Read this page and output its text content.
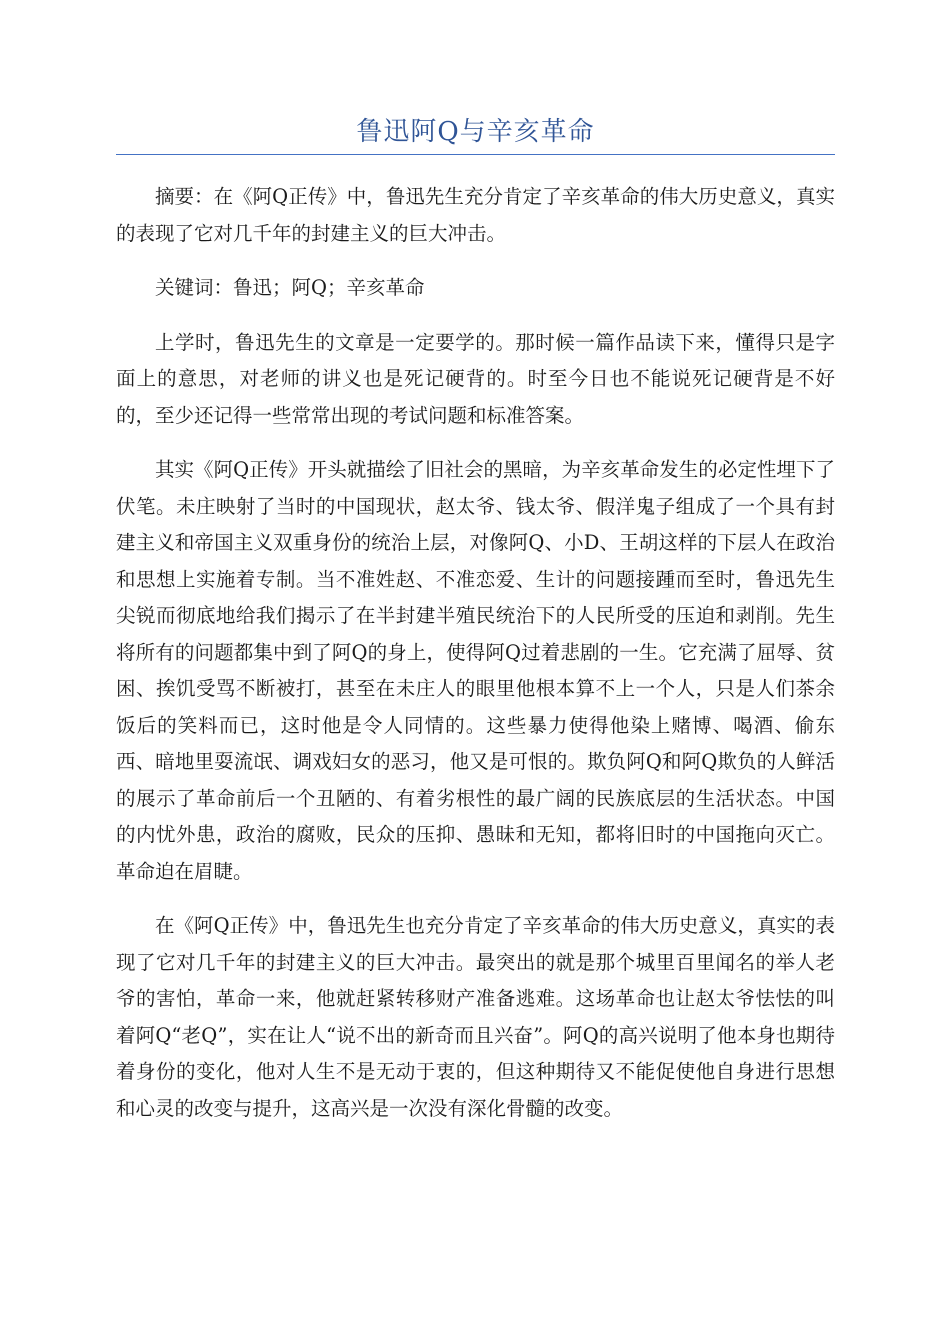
鲁迅阿Q与辛亥革命

摘要：在《阿Q正传》中，鲁迅先生充分肯定了辛亥革命的伟大历史意义，真实的表现了它对几千年的封建主义的巨大冲击。

关键词：鲁迅；阿Q；辛亥革命

上学时，鲁迅先生的文章是一定要学的。那时候一篇作品读下来，懂得只是字面上的意思，对老师的讲义也是死记硬背的。时至今日也不能说死记硬背是不好的，至少还记得一些常常出现的考试问题和标准答案。

其实《阿Q正传》开头就描绘了旧社会的黑暗，为辛亥革命发生的必定性埋下了伏笔。未庄映射了当时的中国现状，赵太爷、钱太爷、假洋鬼子组成了一个具有封建主义和帝国主义双重身份的统治上层，对像阿Q、小D、王胡这样的下层人在政治和思想上实施着专制。当不准姓赵、不准恋爱、生计的问题接踵而至时，鲁迅先生尖锐而彻底地给我们揭示了在半封建半殖民统治下的人民所受的压迫和剥削。先生将所有的问题都集中到了阿Q的身上，使得阿Q过着悲剧的一生。它充满了屈辱、贫困、挨饥受骂不断被打，甚至在未庄人的眼里他根本算不上一个人，只是人们茶余饭后的笑料而已，这时他是令人同情的。这些暴力使得他染上赌博、喝酒、偷东西、暗地里耍流氓、调戏妇女的恶习，他又是可恨的。欺负阿Q和阿Q欺负的人鲜活的展示了革命前后一个丑陋的、有着劣根性的最广阔的民族底层的生活状态。中国的内忧外患，政治的腐败，民众的压抑、愚昧和无知，都将旧时的中国拖向灭亡。革命迫在眉睫。

在《阿Q正传》中，鲁迅先生也充分肯定了辛亥革命的伟大历史意义，真实的表现了它对几千年的封建主义的巨大冲击。最突出的就是那个城里百里闻名的举人老爷的害怕，革命一来，他就赶紧转移财产准备逃难。这场革命也让赵太爷怯怯的叫着阿Q“老Q”，实在让人“说不出的新奇而且兴奋”。阿Q的高兴说明了他本身也期待着身份的变化，他对人生不是无动于衷的，但这种期待又不能促使他自身进行思想和心灵的改变与提升，这高兴是一次没有深化骨髓的改变。
